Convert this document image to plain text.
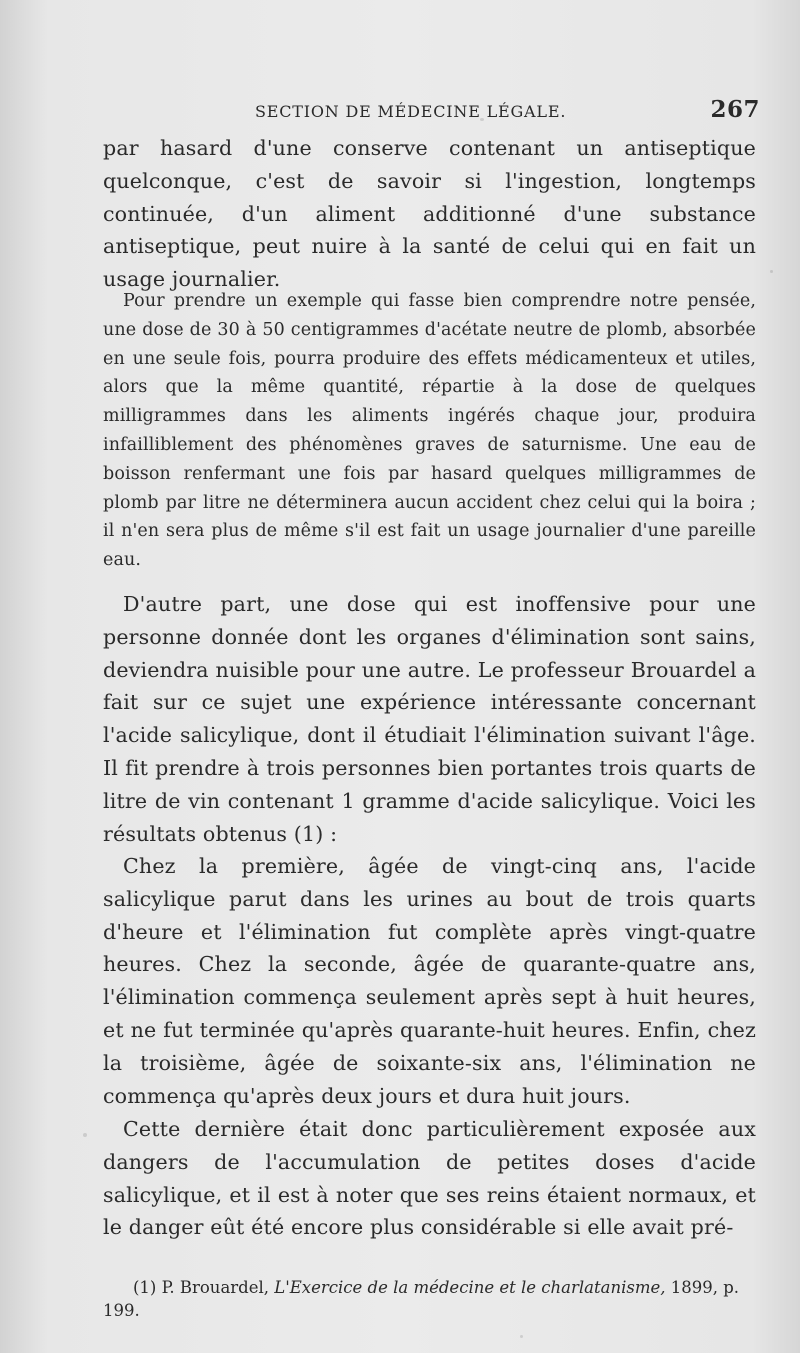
SECTION DE MÉDECINE LÉGALE.	267

par hasard d'une conserve contenant un antiseptique quelconque, c'est de savoir si l'ingestion, longtemps continuée, d'un aliment additionné d'une substance antiseptique, peut nuire à la santé de celui qui en fait un usage journalier.

Pour prendre un exemple qui fasse bien comprendre notre pensée, une dose de 30 à 50 centigrammes d'acétate neutre de plomb, absorbée en une seule fois, pourra produire des effets médicamenteux et utiles, alors que la même quantité, répartie à la dose de quelques milligrammes dans les aliments ingérés chaque jour, produira infailliblement des phénomènes graves de saturnisme. Une eau de boisson renfermant une fois par hasard quelques milligrammes de plomb par litre ne déterminera aucun accident chez celui qui la boira ; il n'en sera plus de même s'il est fait un usage journalier d'une pareille eau.

D'autre part, une dose qui est inoffensive pour une personne donnée dont les organes d'élimination sont sains, deviendra nuisible pour une autre. Le professeur Brouardel a fait sur ce sujet une expérience intéressante concernant l'acide salicylique, dont il étudiait l'élimination suivant l'âge. Il fit prendre à trois personnes bien portantes trois quarts de litre de vin contenant 1 gramme d'acide salicylique. Voici les résultats obtenus (1) :

Chez la première, âgée de vingt-cinq ans, l'acide salicylique parut dans les urines au bout de trois quarts d'heure et l'élimination fut complète après vingt-quatre heures. Chez la seconde, âgée de quarante-quatre ans, l'élimination commença seulement après sept à huit heures, et ne fut terminée qu'après quarante-huit heures. Enfin, chez la troisième, âgée de soixante-six ans, l'élimination ne commença qu'après deux jours et dura huit jours.

Cette dernière était donc particulièrement exposée aux dangers de l'accumulation de petites doses d'acide salicylique, et il est à noter que ses reins étaient normaux, et le danger eût été encore plus considérable si elle avait pré-

(1) P. Brouardel, L'Exercice de la médecine et le charlatanisme, 1899, p. 199.
